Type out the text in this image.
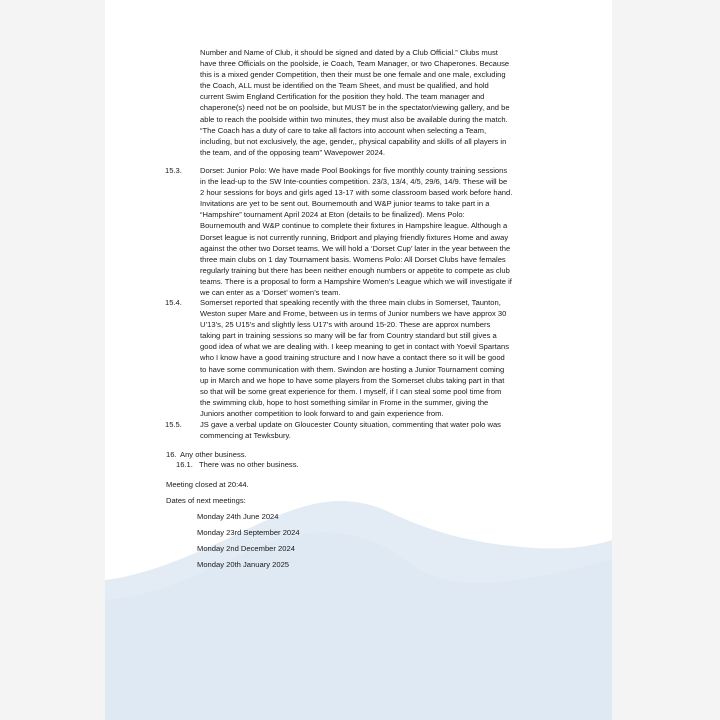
Number and Name of Club, it should be signed and dated by a Club Official.” Clubs must
have three Officials on the poolside, ie Coach, Team Manager, or two Chaperones. Because
this is a mixed gender Competition, then their must be one female and one male, excluding
the Coach, ALL must be identified on the Team Sheet, and must be qualified, and hold
current Swim England Certification for the position they hold. The team manager and
chaperone(s) need not be on poolside, but MUST be in the spectator/viewing gallery, and be
able to reach the poolside within two minutes, they must also be available during the match.
“The Coach has a duty of care to take all factors into account when selecting a Team,
including, but not exclusively, the age, gender,, physical capability and skills of all players in
the team, and of the opposing team” Wavepower 2024.
15.3.	Dorset: Junior Polo: We have made Pool Bookings for five monthly county training sessions
in the lead-up to the SW Inte-counties competition. 23/3, 13/4, 4/5, 29/6, 14/9. These will be
2 hour sessions for boys and girls aged 13-17 with some classroom based work before hand.
Invitations are yet to be sent out. Bournemouth and W&P junior teams to take part in a
“Hampshire” tournament April 2024 at Eton (details to be finalized). Mens Polo:
Bournemouth and W&P continue to complete their fixtures in Hampshire league. Although a
Dorset league is not currently running, Bridport and playing friendly fixtures Home and away
against the other two Dorset teams. We will hold a ‘Dorset Cup’ later in the year between the
three main clubs on 1 day Tournament basis. Womens Polo: All Dorset Clubs have females
regularly training but there has been neither enough numbers or appetite to compete as club
teams. There is a proposal to form a Hampshire Women’s League which we will investigate if
we can enter as a ‘Dorset’ women’s team.
15.4.	Somerset reported that speaking recently with the three main clubs in Somerset, Taunton,
Weston super Mare and Frome, between us in terms of Junior numbers we have approx 30
U’13’s, 25 U15’s and slightly less U17’s with around 15-20. These are approx numbers
taking part in training sessions so many will be far from Country standard but still gives a
good idea of what we are dealing with. I keep meaning to get in contact with Yoevil Spartans
who I know have a good training structure and I now have a contact there so it will be good
to have some communication with them. Swindon are hosting a Junior Tournament coming
up in March and we hope to have some players from the Somerset clubs taking part in that
so that will be some great experience for them. I myself, if I can steal some pool time from
the swimming club, hope to host something similar in Frome in the summer, giving the
Juniors another competition to look forward to and gain experience from.
15.5.	JS gave a verbal update on Gloucester County situation, commenting that water polo was
commencing at Tewksbury.
16. Any other business.
16.1. There was no other business.
Meeting closed at 20:44.
Dates of next meetings:
Monday 24th June 2024
Monday 23rd September 2024
Monday 2nd December 2024
Monday 20th January 2025
